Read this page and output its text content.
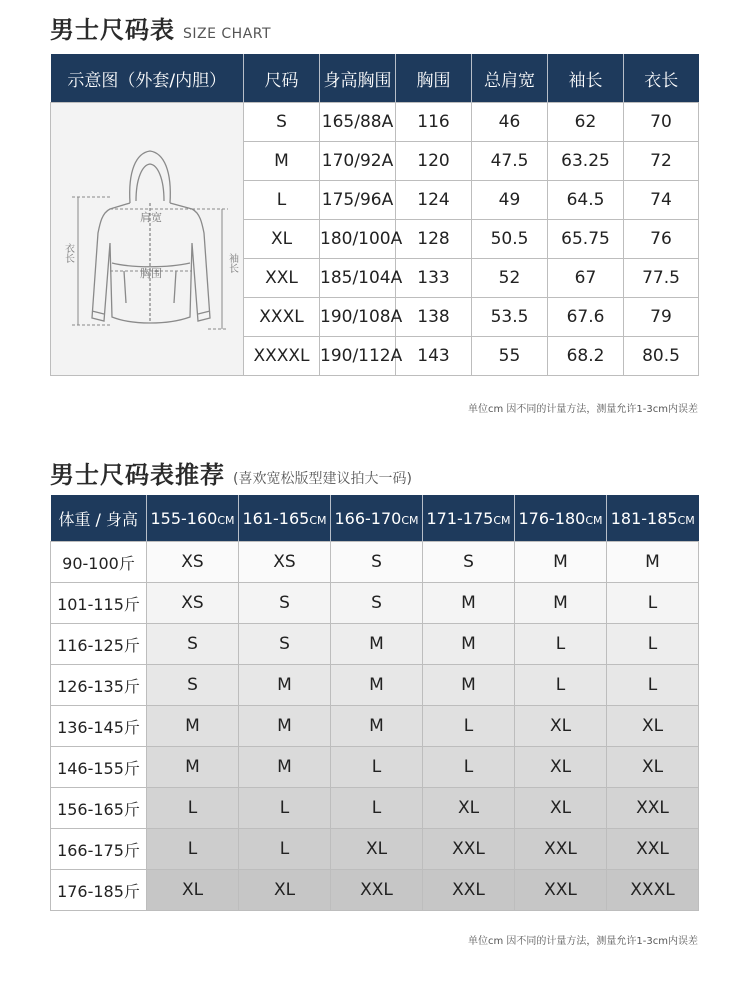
男士尺码表 SIZE CHART
示意图（外套/内胆）	尺码	身高胸围	胸围	总肩宽	袖长	衣长

肩宽
胸围
衣长 袖长	S	165/88A	116	46	62	70
	M	170/92A	120	47.5	63.25	72
	L	175/96A	124	49	64.5	74
	XL	180/100A	128	50.5	65.75	76
	XXL	185/104A	133	52	67	77.5
	XXXL	190/108A	138	53.5	67.6	79
	XXXXL	190/112A	143	55	68.2	80.5
单位cm 因不同的计量方法，测量允许1-3cm内误差
男士尺码表推荐 (喜欢宽松版型建议拍大一码)
体重 / 身高	155-160CM	161-165CM	166-170CM	171-175CM	176-180CM	181-185CM
90-100斤	XS	XS	S	S	M	M
101-115斤	XS	S	S	M	M	L
116-125斤	S	S	M	M	L	L
126-135斤	S	M	M	M	L	L
136-145斤	M	M	M	L	XL	XL
146-155斤	M	M	L	L	XL	XL
156-165斤	L	L	L	XL	XL	XXL
166-175斤	L	L	XL	XXL	XXL	XXL
176-185斤	XL	XL	XXL	XXL	XXL	XXXL
单位cm 因不同的计量方法，测量允许1-3cm内误差
